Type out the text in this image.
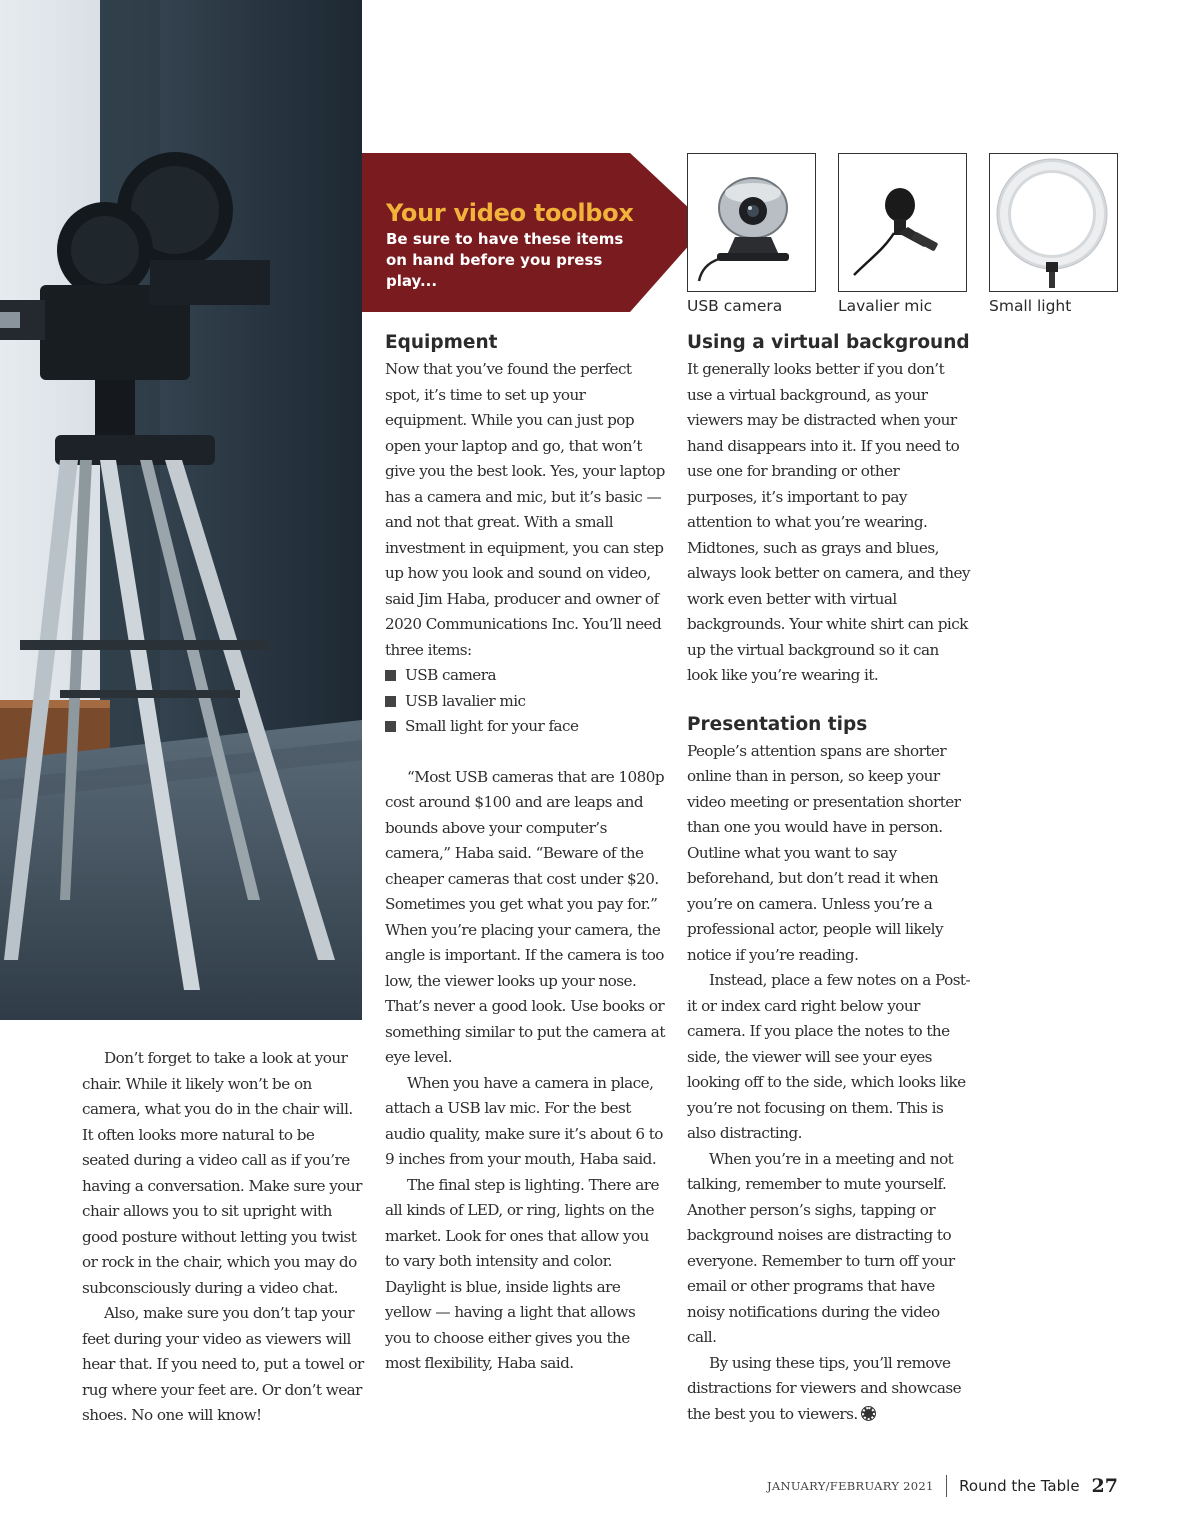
Your video toolbox
Be sure to have these items on hand before you press play...
USB camera	Lavalier mic	Small light

Don’t forget to take a look at your chair. While it likely won’t be on camera, what you do in the chair will. It often looks more natural to be seated during a video call as if you’re having a conversation. Make sure your chair allows you to sit upright with good posture without letting you twist or rock in the chair, which you may do subconsciously during a video chat.

Also, make sure you don’t tap your feet during your video as viewers will hear that. If you need to, put a towel or rug where your feet are. Or don’t wear shoes. No one will know!

Equipment

Now that you’ve found the perfect spot, it’s time to set up your equipment. While you can just pop open your laptop and go, that won’t give you the best look. Yes, your laptop has a camera and mic, but it’s basic — and not that great. With a small investment in equipment, you can step up how you look and sound on video, said Jim Haba, producer and owner of 2020 Communications Inc. You’ll need three items:

USB camera
USB lavalier mic
Small light for your face

“Most USB cameras that are 1080p cost around $100 and are leaps and bounds above your computer’s camera,” Haba said. “Beware of the cheaper cameras that cost under $20. Sometimes you get what you pay for.” When you’re placing your camera, the angle is important. If the camera is too low, the viewer looks up your nose. That’s never a good look. Use books or something similar to put the camera at eye level.

When you have a camera in place, attach a USB lav mic. For the best audio quality, make sure it’s about 6 to 9 inches from your mouth, Haba said.

The final step is lighting. There are all kinds of LED, or ring, lights on the market. Look for ones that allow you to vary both intensity and color. Daylight is blue, inside lights are yellow — having a light that allows you to choose either gives you the most flexibility, Haba said.

Using a virtual background

It generally looks better if you don’t use a virtual background, as your viewers may be distracted when your hand disappears into it. If you need to use one for branding or other purposes, it’s important to pay attention to what you’re wearing. Midtones, such as grays and blues, always look better on camera, and they work even better with virtual backgrounds. Your white shirt can pick up the virtual background so it can look like you’re wearing it.

Presentation tips

People’s attention spans are shorter online than in person, so keep your video meeting or presentation shorter than one you would have in person. Outline what you want to say beforehand, but don’t read it when you’re on camera. Unless you’re a professional actor, people will likely notice if you’re reading.

Instead, place a few notes on a Post-it or index card right below your camera. If you place the notes to the side, the viewer will see your eyes looking off to the side, which looks like you’re not focusing on them. This is also distracting.

When you’re in a meeting and not talking, remember to mute yourself. Another person’s sighs, tapping or background noises are distracting to everyone. Remember to turn off your email or other programs that have noisy notifications during the video call.

By using these tips, you’ll remove distractions for viewers and showcase the best you to viewers.

JANUARY/FEBRUARY 2021 Round the Table 27
